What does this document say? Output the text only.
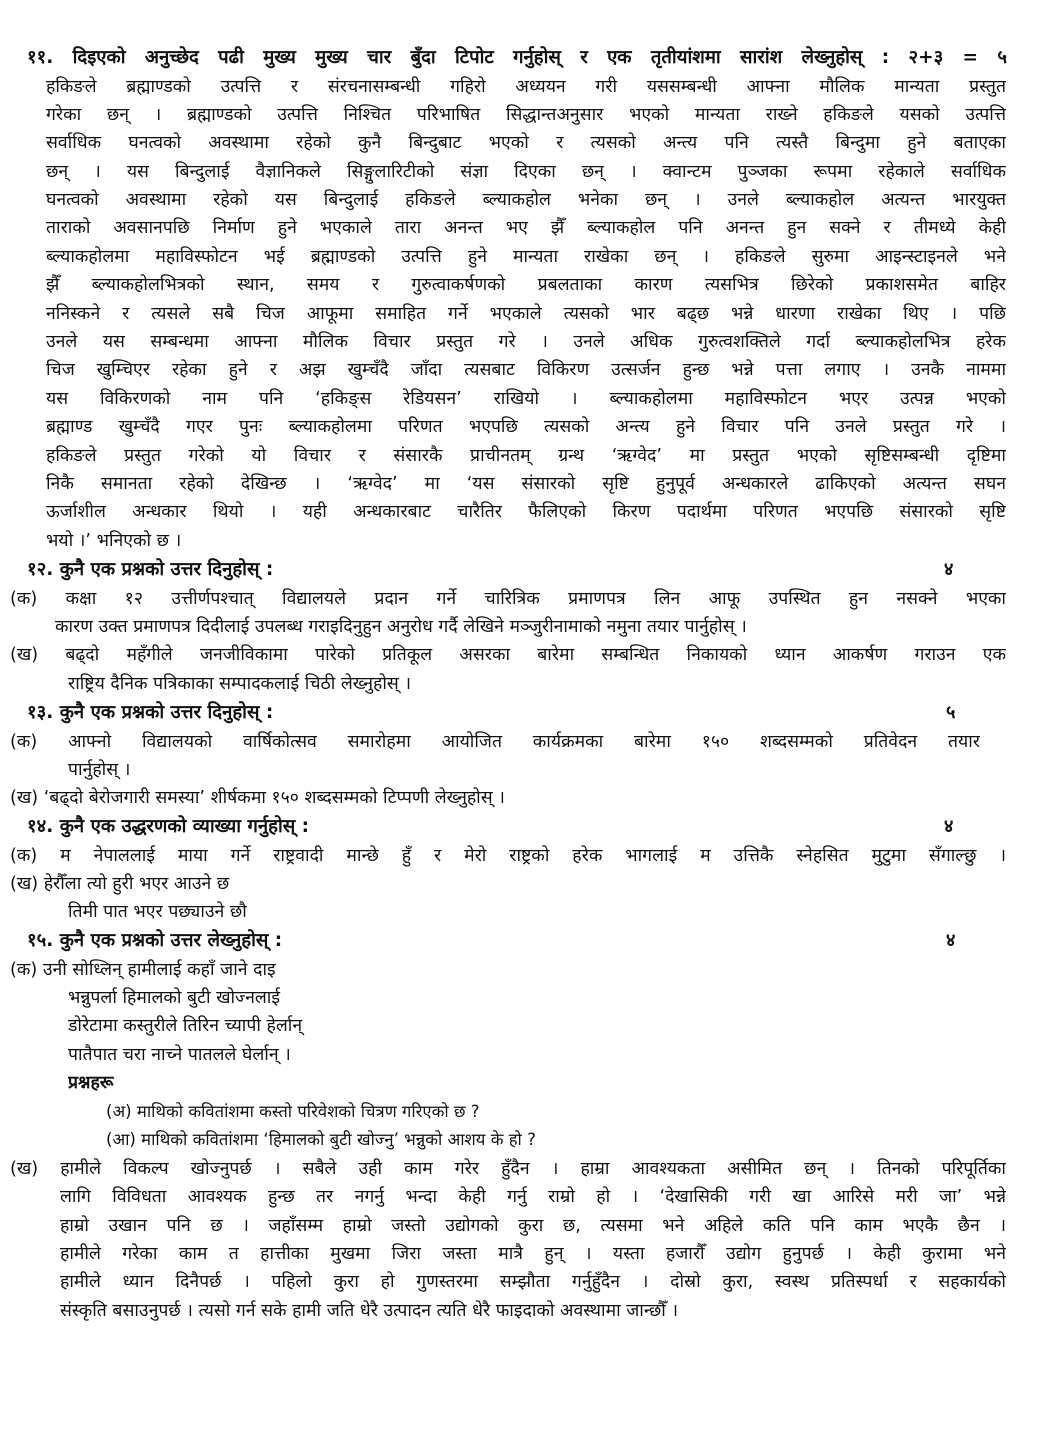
११. दिइएको अनुच्छेद पढी मुख्य मुख्य चार बुँदा टिपोट गर्नुहोस् र एक तृतीयांशमा सारांश लेख्नुहोस् : २+३ = ५
हकिङले ब्रह्माण्डको उत्पत्ति र संरचनासम्बन्धी गहिरो अध्ययन गरी यससम्बन्धी आफ्ना मौलिक मान्यता प्रस्तुत
गरेका छन् । ब्रह्माण्डको उत्पत्ति निश्चित परिभाषित सिद्धान्तअनुसार भएको मान्यता राख्ने हकिङले यसको उत्पत्ति
सर्वाधिक घनत्वको अवस्थामा रहेको कुनै बिन्दुबाट भएको र त्यसको अन्त्य पनि त्यस्तै बिन्दुमा हुने बताएका
छन् । यस बिन्दुलाई वैज्ञानिकले सिङ्गुलारिटीको संज्ञा दिएका छन् । क्वान्टम पुञ्जका रूपमा रहेकाले सर्वाधिक
घनत्वको अवस्थामा रहेको यस बिन्दुलाई हकिङले ब्ल्याकहोल भनेका छन् । उनले ब्ल्याकहोल अत्यन्त भारयुक्त
ताराको अवसानपछि निर्माण हुने भएकाले तारा अनन्त भए झैँ ब्ल्याकहोल पनि अनन्त हुन सक्ने र तीमध्ये केही
ब्ल्याकहोलमा महाविस्फोटन भई ब्रह्माण्डको उत्पत्ति हुने मान्यता राखेका छन् । हकिङले सुरुमा आइन्स्टाइनले भने
झैँ ब्ल्याकहोलभित्रको स्थान, समय र गुरुत्वाकर्षणको प्रबलताका कारण त्यसभित्र छिरेको प्रकाशसमेत बाहिर
ननिस्कने र त्यसले सबै चिज आफूमा समाहित गर्ने भएकाले त्यसको भार बढ्छ भन्ने धारणा राखेका थिए । पछि
उनले यस सम्बन्धमा आफ्ना मौलिक विचार प्रस्तुत गरे । उनले अधिक गुरुत्वशक्तिले गर्दा ब्ल्याकहोलभित्र हरेक
चिज खुम्चिएर रहेका हुने र अझ खुम्चँदै जाँदा त्यसबाट विकिरण उत्सर्जन हुन्छ भन्ने पत्ता लगाए । उनकै नाममा
यस विकिरणको नाम पनि ‘हकिङ्स रेडियसन’ राखियो । ब्ल्याकहोलमा महाविस्फोटन भएर उत्पन्न भएको
ब्रह्माण्ड खुम्चँदै गएर पुनः ब्ल्याकहोलमा परिणत भएपछि त्यसको अन्त्य हुने विचार पनि उनले प्रस्तुत गरे ।
हकिङले प्रस्तुत गरेको यो विचार र संसारकै प्राचीनतम् ग्रन्थ ‘ऋग्वेद’ मा प्रस्तुत भएको सृष्टिसम्बन्धी दृष्टिमा
निकै समानता रहेको देखिन्छ । ‘ऋग्वेद’ मा ‘यस संसारको सृष्टि हुनुपूर्व अन्धकारले ढाकिएको अत्यन्त सघन
ऊर्जाशील अन्धकार थियो । यही अन्धकारबाट चारैतिर फैलिएको किरण पदार्थमा परिणत भएपछि संसारको सृष्टि
भयो ।’ भनिएको छ ।
१२. कुनै एक प्रश्नको उत्तर दिनुहोस् :	४
(क) कक्षा १२ उत्तीर्णपश्चात् विद्यालयले प्रदान गर्ने चारित्रिक प्रमाणपत्र लिन आफू उपस्थित हुन नसक्ने भएका
कारण उक्त प्रमाणपत्र दिदीलाई उपलब्ध गराइदिनुहुन अनुरोध गर्दै लेखिने मञ्जुरीनामाको नमुना तयार पार्नुहोस् ।
(ख) बढ्दो महँगीले जनजीविकामा पारेको प्रतिकूल असरका बारेमा सम्बन्धित निकायको ध्यान आकर्षण गराउन एक
राष्ट्रिय दैनिक पत्रिकाका सम्पादकलाई चिठी लेख्नुहोस् ।
१३. कुनै एक प्रश्नको उत्तर दिनुहोस् :	५
(क) आफ्नो विद्यालयको वार्षिकोत्सव समारोहमा आयोजित कार्यक्रमका बारेमा १५० शब्दसम्मको प्रतिवेदन तयार
पार्नुहोस् ।
(ख) ‘बढ्दो बेरोजगारी समस्या’ शीर्षकमा १५० शब्दसम्मको टिप्पणी लेख्नुहोस् ।
१४. कुनै एक उद्धरणको व्याख्या गर्नुहोस् :	४
(क) म नेपाललाई माया गर्ने राष्ट्रवादी मान्छे हुँ र मेरो राष्ट्रको हरेक भागलाई म उत्तिकै स्नेहसित मुटुमा सँगाल्छु ।
(ख) हेरौँला त्यो हुरी भएर आउने छ
तिमी पात भएर पछ्याउने छौ
१५. कुनै एक प्रश्नको उत्तर लेख्नुहोस् :	४
(क) उनी सोध्लिन् हामीलाई कहाँ जाने दाइ
भन्नुपर्ला हिमालको बुटी खोज्नलाई
डोरेटामा कस्तुरीले तिरिन च्यापी हेर्लान्
पातैपात चरा नाच्ने पातलले घेर्लान् ।
प्रश्नहरू
(अ) माथिको कवितांशमा कस्तो परिवेशको चित्रण गरिएको छ ?
(आ) माथिको कवितांशमा ‘हिमालको बुटी खोज्नु’ भन्नुको आशय के हो ?
(ख) हामीले विकल्प खोज्नुपर्छ । सबैले उही काम गरेर हुँदैन । हाम्रा आवश्यकता असीमित छन् । तिनको परिपूर्तिका
लागि विविधता आवश्यक हुन्छ तर नगर्नु भन्दा केही गर्नु राम्रो हो । ‘देखासिकी गरी खा आरिसे मरी जा’ भन्ने
हाम्रो उखान पनि छ । जहाँसम्म हाम्रो जस्तो उद्योगको कुरा छ, त्यसमा भने अहिले कति पनि काम भएकै छैन ।
हामीले गरेका काम त हात्तीका मुखमा जिरा जस्ता मात्रै हुन् । यस्ता हजारौँ उद्योग हुनुपर्छ । केही कुरामा भने
हामीले ध्यान दिनैपर्छ । पहिलो कुरा हो गुणस्तरमा सम्झौता गर्नुहुँदैन । दोस्रो कुरा, स्वस्थ प्रतिस्पर्धा र सहकार्यको
संस्कृति बसाउनुपर्छ । त्यसो गर्न सके हामी जति धेरै उत्पादन त्यति धेरै फाइदाको अवस्थामा जान्छौँ ।
